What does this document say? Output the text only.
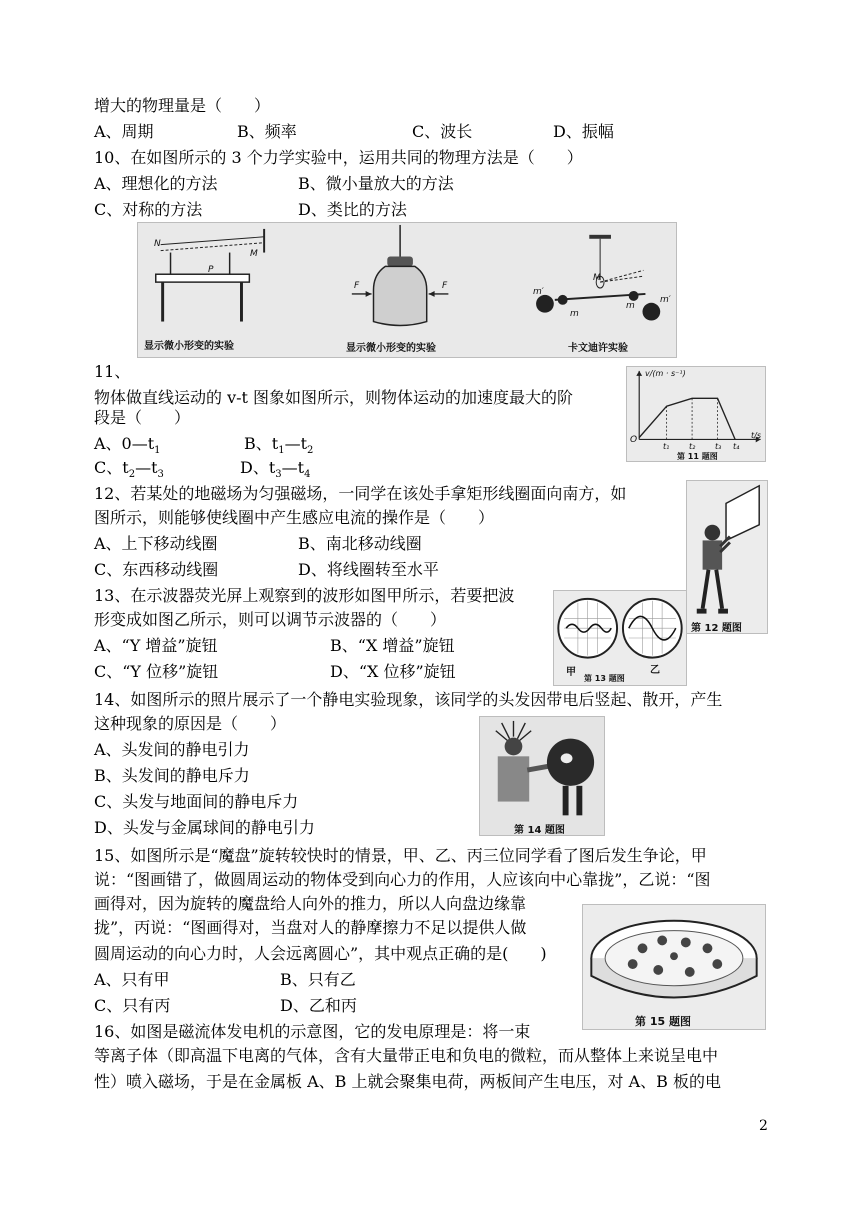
增大的物理量是（　　）
A、周期	B、频率	C、波长	D、振幅
10、在如图所示的 3 个力学实验中，运用共同的物理方法是（　　）
A、理想化的方法	B、微小量放大的方法
C、对称的方法	D、类比的方法
N
M
P
F	F
M
m′
m
m
m′
显示微小形变的实验	显示微小形变的实验	卡文迪许实验
11、
物体做直线运动的 v-t 图象如图所示，则物体运动的加速度最大的阶
段是（　　）
A、$0—t_1$	B、$t_1—t_2$
C、$t_2—t_3$	D、$t_3—t_4$
v/(m · s⁻¹)
O
t₁ t₂ t₃ t₄
t/s
第 11 题图
12、若某处的地磁场为匀强磁场，一同学在该处手拿矩形线圈面向南方，如
图所示，则能够使线圈中产生感应电流的操作是（　　）
A、上下移动线圈	B、南北移动线圈
C、东西移动线圈	D、将线圈转至水平
第 12 题图
13、在示波器荧光屏上观察到的波形如图甲所示，若要把波
形变成如图乙所示，则可以调节示波器的（　　）
A、“Y 增益”旋钮	B、“X 增益”旋钮
C、“Y 位移”旋钮	D、“X 位移”旋钮	甲	乙
第 13 题图
14、如图所示的照片展示了一个静电实验现象，该同学的头发因带电后竖起、散开，产生
这种现象的原因是（　　）
A、头发间的静电引力
B、头发间的静电斥力
C、头发与地面间的静电斥力
D、头发与金属球间的静电引力	第 14 题图
15、如图所示是“魔盘”旋转较快时的情景，甲、乙、丙三位同学看了图后发生争论，甲
说：“图画错了，做圆周运动的物体受到向心力的作用，人应该向中心靠拢”，乙说：“图
画得对，因为旋转的魔盘给人向外的推力，所以人向盘边缘靠
拢”，丙说：“图画得对，当盘对人的静摩擦力不足以提供人做
圆周运动的向心力时，人会远离圆心”，其中观点正确的是(　　)
A、只有甲	B、只有乙
C、只有丙	D、乙和丙
第 15 题图
16、如图是磁流体发电机的示意图，它的发电原理是：将一束
等离子体（即高温下电离的气体，含有大量带正电和负电的微粒，而从整体上来说呈电中
性）喷入磁场，于是在金属板 A、B 上就会聚集电荷，两板间产生电压，对 A、B 板的电
2
